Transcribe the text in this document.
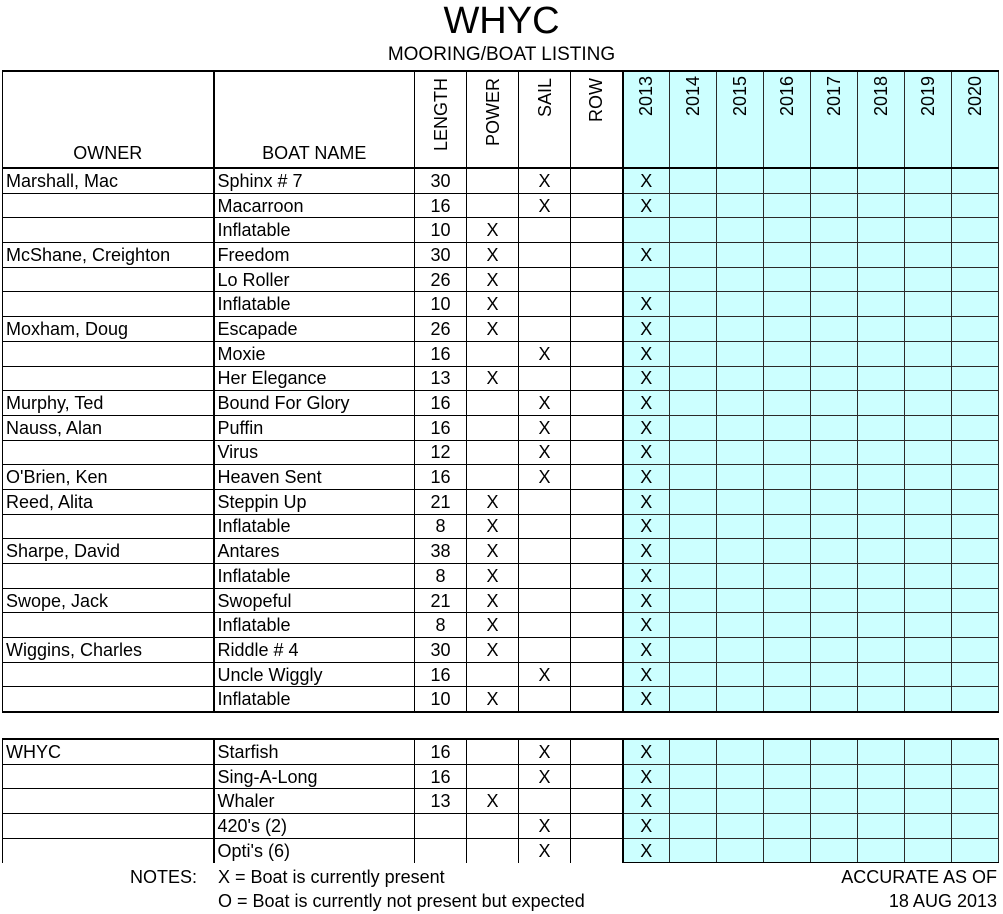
WHYC
MOORING/BOAT LISTING
OWNER	BOAT NAME	LENGTH	POWER	SAIL	ROW	2013	2014	2015	2016	2017	2018	2019	2020

Marshall, Mac	Sphinx # 7	30		X		X							
	Macarroon	16		X		X							
	Inflatable	10	X										
McShane, Creighton	Freedom	30	X			X							
	Lo Roller	26	X										
	Inflatable	10	X			X							
Moxham, Doug	Escapade	26	X			X							
	Moxie	16		X		X							
	Her Elegance	13	X			X							
Murphy, Ted	Bound For Glory	16		X		X							
Nauss, Alan	Puffin	16		X		X							
	Virus	12		X		X							
O'Brien, Ken	Heaven Sent	16		X		X							
Reed, Alita	Steppin Up	21	X			X							
	Inflatable	8	X			X							
Sharpe, David	Antares	38	X			X							
	Inflatable	8	X			X							
Swope, Jack	Swopeful	21	X			X							
	Inflatable	8	X			X							
Wiggins, Charles	Riddle # 4	30	X			X							
	Uncle Wiggly	16		X		X							
	Inflatable	10	X			X							
WHYC	Starfish	16		X		X							
	Sing-A-Long	16		X		X							
	Whaler	13	X			X							
	420's (2)			X		X							
	Opti's (6)			X		X							
NOTES: X = Boat is currently present
O = Boat is currently not present but expected
ACCURATE AS OF
18 AUG 2013
